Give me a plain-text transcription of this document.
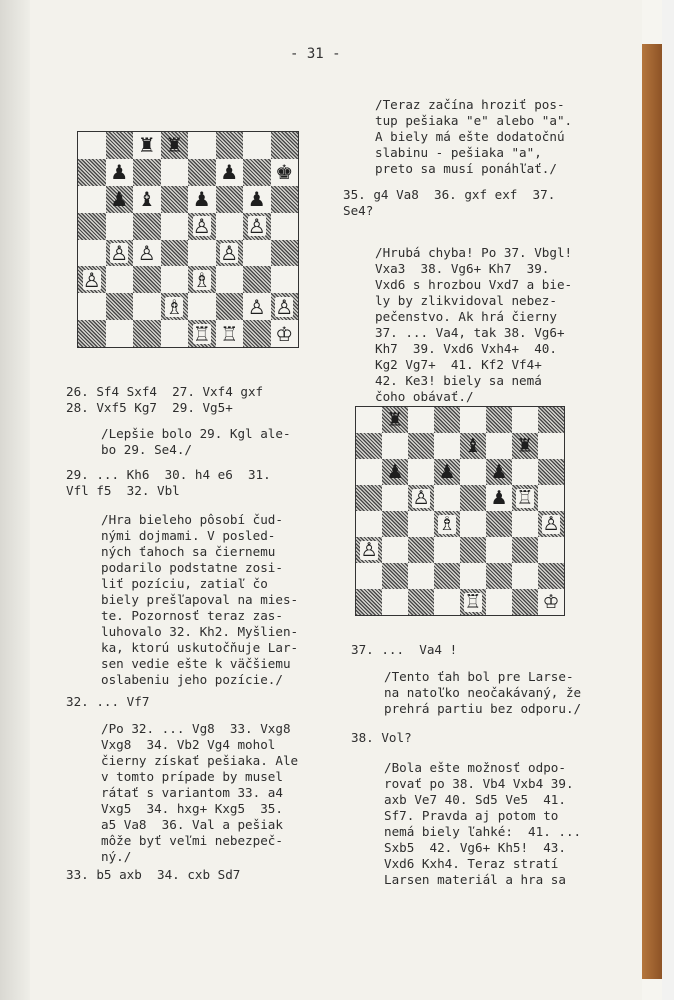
- 31 -
♜ ♜
♟	♟ ♚
♟ ♝ ♟ ♟
♙ ♙
♙ ♙	♙
♙	♗
♗	♙ ♙
♖ ♖ ♔
♜
♝ ♜
♟ ♟ ♟
♙	♟ ♖
♗	♙
♙
♖	♔
26. Sf4 Sxf4  27. Vxf4 gxf
28. Vxf5 Kg7  29. Vg5+
/Lepšie bolo 29. Kgl ale-
bo 29. Se4./
29. ... Kh6  30. h4 e6  31.
Vfl f5  32. Vbl
/Hra bieleho pôsobí čud-
nými dojmami. V posled-
ných ťahoch sa čiernemu
podarilo podstatne zosi-
liť pozíciu, zatiaľ čo
biely prešľapoval na mies-
te. Pozornosť teraz zas-
luhovalo 32. Kh2. Myšlien-
ka, ktorú uskutočňuje Lar-
sen vedie ešte k väčšiemu
oslabeniu jeho pozície./
32. ... Vf7
/Po 32. ... Vg8  33. Vxg8
Vxg8  34. Vb2 Vg4 mohol
čierny získať pešiaka. Ale
v tomto prípade by musel
rátať s variantom 33. a4
Vxg5  34. hxg+ Kxg5  35.
a5 Va8  36. Val a pešiak
môže byť veľmi nebezpeč-
ný./
33. b5 axb  34. cxb Sd7
/Teraz začína hroziť pos-
tup pešiaka "e" alebo "a".
A biely má ešte dodatočnú
slabinu - pešiaka "a",
preto sa musí ponáhľať./
35. g4 Va8  36. gxf exf  37.
Se4?
/Hrubá chyba! Po 37. Vbgl!
Vxa3  38. Vg6+ Kh7  39.
Vxd6 s hrozbou Vxd7 a bie-
ly by zlikvidoval nebez-
pečenstvo. Ak hrá čierny
37. ... Va4, tak 38. Vg6+
Kh7  39. Vxd6 Vxh4+  40.
Kg2 Vg7+  41. Kf2 Vf4+
42. Ke3! biely sa nemá
čoho obávať./
37. ...  Va4 !
/Tento ťah bol pre Larse-
na natoľko neočakávaný, že
prehrá partiu bez odporu./
38. Vol?
/Bola ešte možnosť odpo-
rovať po 38. Vb4 Vxb4 39.
axb Ve7 40. Sd5 Ve5  41.
Sf7. Pravda aj potom to
nemá biely ľahké:  41. ...
Sxb5  42. Vg6+ Kh5!  43.
Vxd6 Kxh4. Teraz stratí
Larsen materiál a hra sa
